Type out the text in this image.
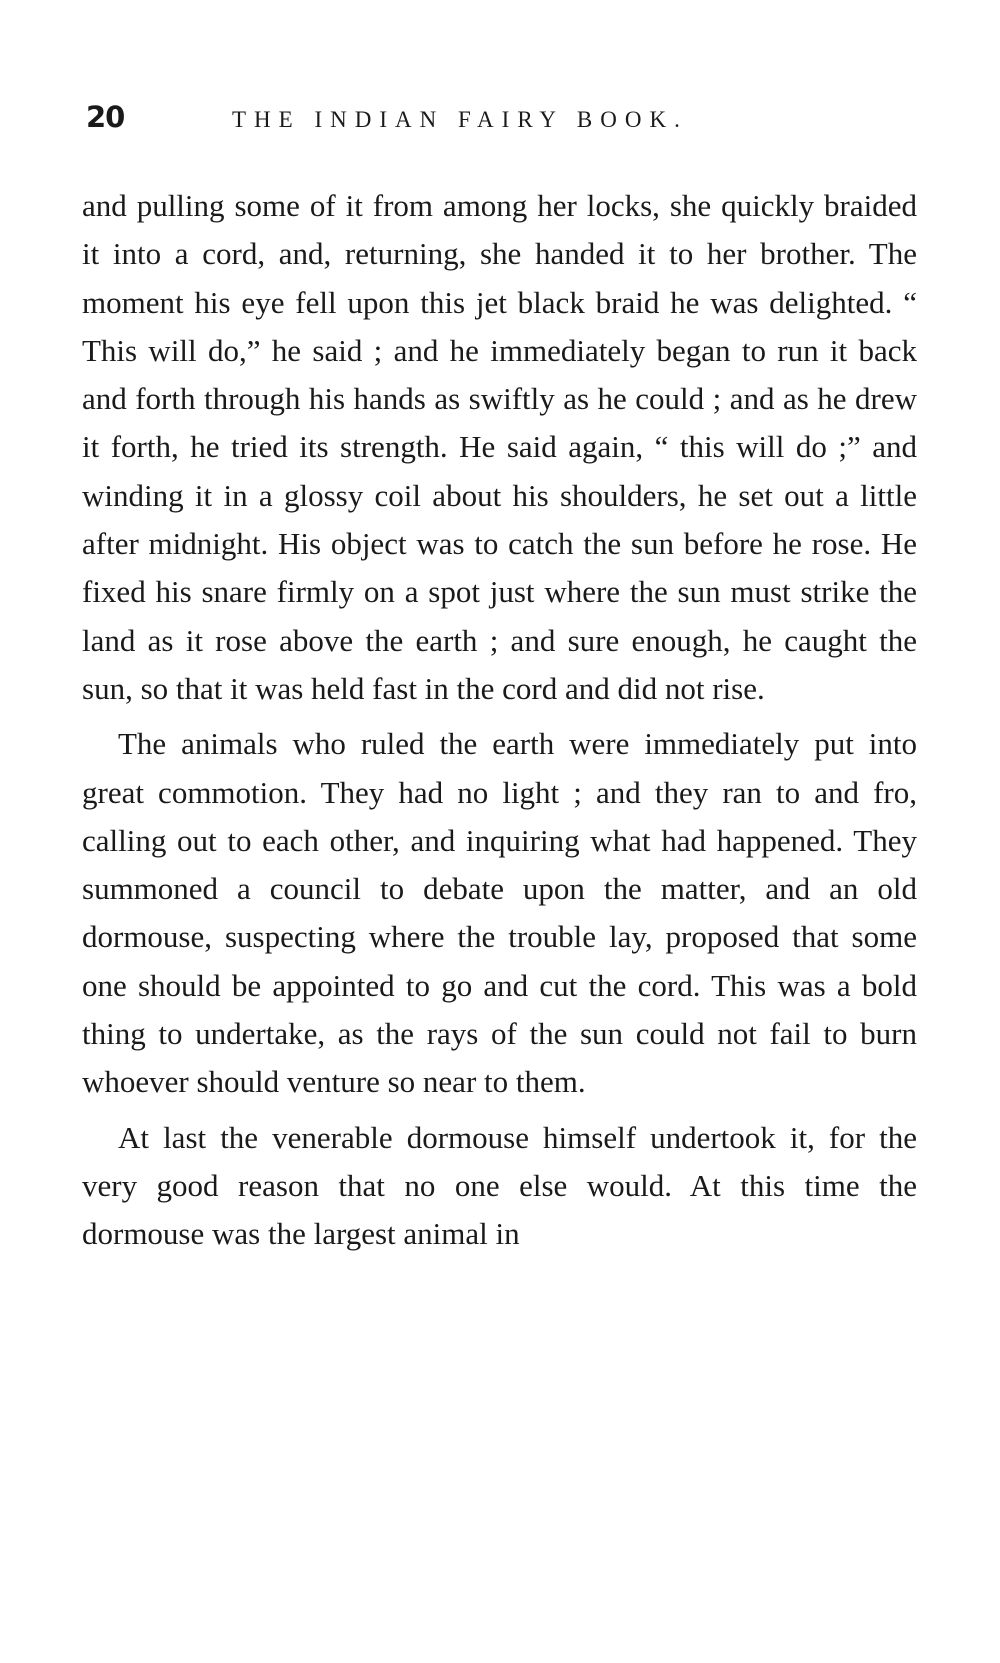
20	THE INDIAN FAIRY BOOK.

and pulling some of it from among her locks, she quickly braided it into a cord, and, returning, she handed it to her brother. The moment his eye fell upon this jet black braid he was delighted. “ This will do,” he said ; and he immediately began to run it back and forth through his hands as swiftly as he could ; and as he drew it forth, he tried its strength. He said again, “ this will do ;” and winding it in a glossy coil about his shoulders, he set out a little after midnight. His object was to catch the sun before he rose. He fixed his snare firmly on a spot just where the sun must strike the land as it rose above the earth ; and sure enough, he caught the sun, so that it was held fast in the cord and did not rise.

The animals who ruled the earth were immediately put into great commotion. They had no light ; and they ran to and fro, calling out to each other, and inquiring what had happened. They summoned a council to debate upon the matter, and an old dormouse, suspecting where the trouble lay, proposed that some one should be appointed to go and cut the cord. This was a bold thing to undertake, as the rays of the sun could not fail to burn whoever should venture so near to them.

At last the venerable dormouse himself undertook it, for the very good reason that no one else would. At this time the dormouse was the largest animal in
